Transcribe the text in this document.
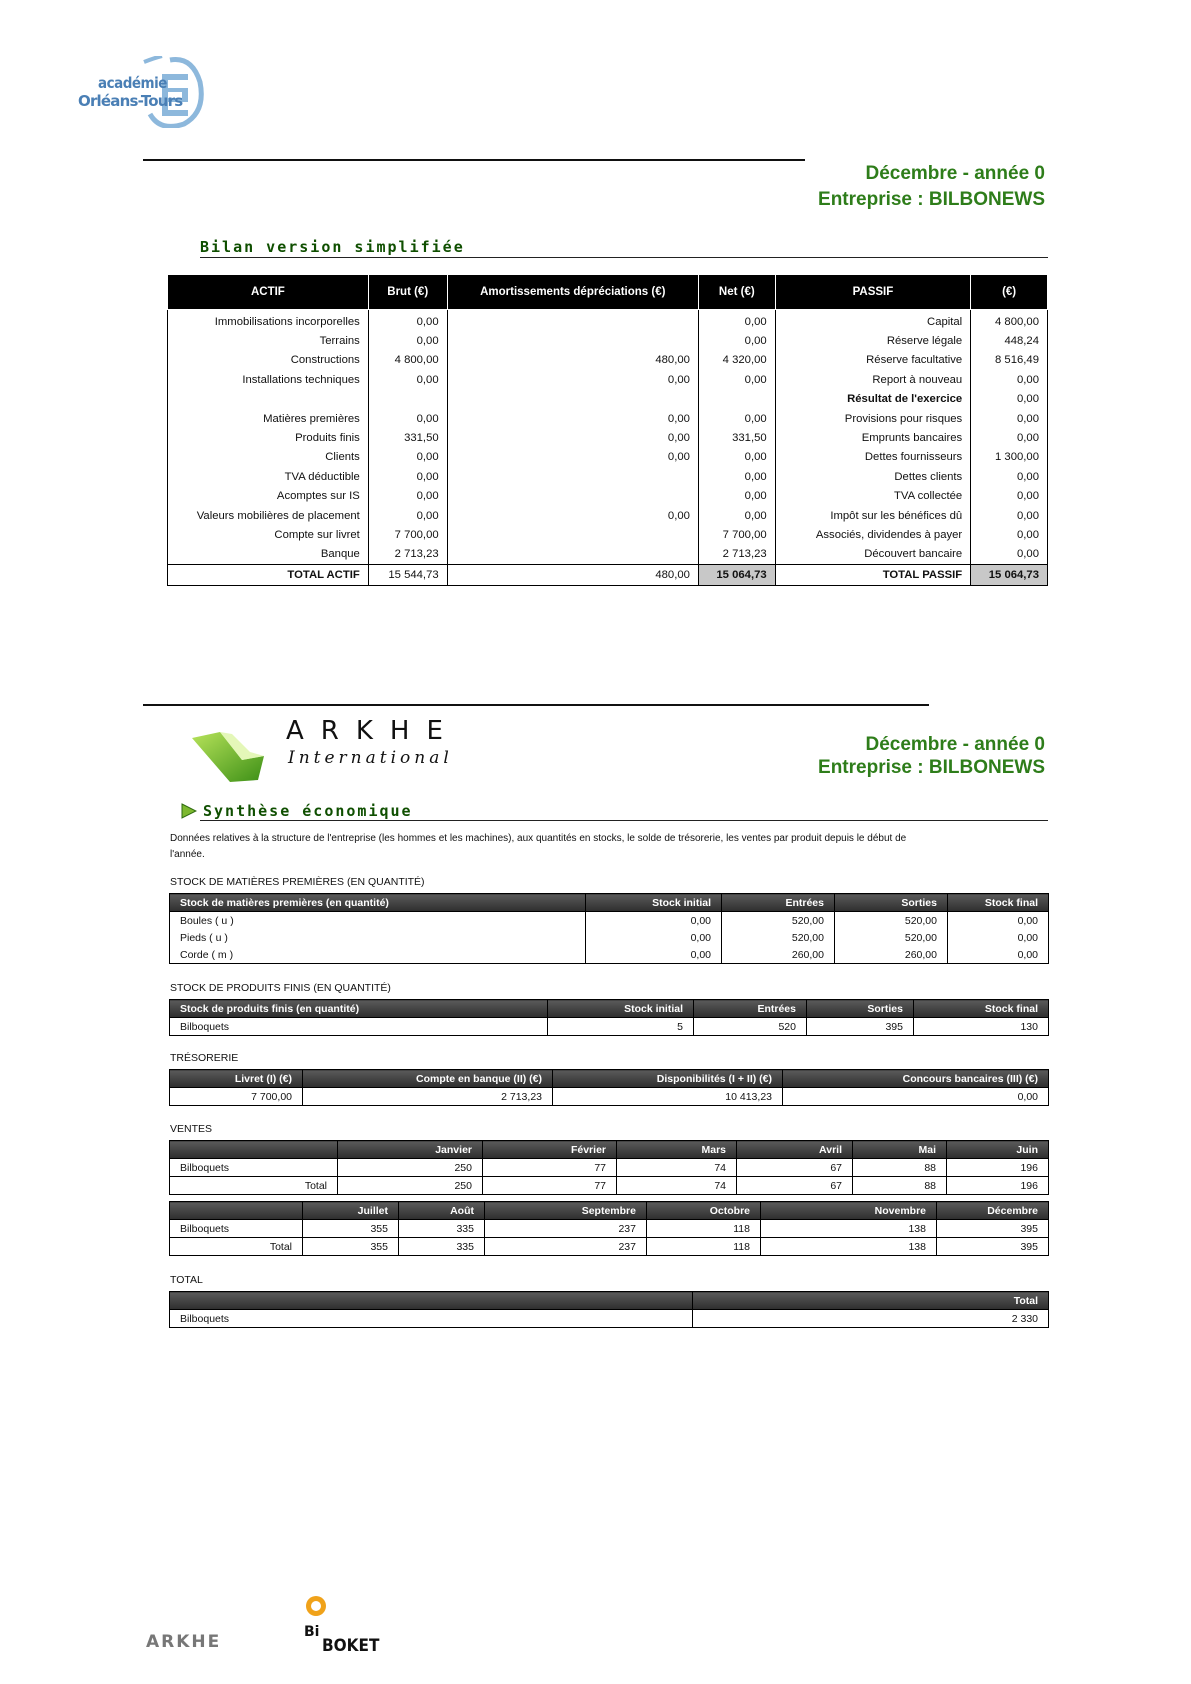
académie
Orléans-Tours
Décembre - année 0
Entreprise : BILBONEWS
Bilan version simplifiée
ACTIF	Brut (€)	Amortissements dépréciations (€)	Net (€)	PASSIF	(€)
Immobilisations incorporelles	0,00		0,00	Capital	4 800,00
Terrains	0,00		0,00	Réserve légale	448,24
Constructions	4 800,00	480,00	4 320,00	Réserve facultative	8 516,49
Installations techniques	0,00	0,00	0,00	Report à nouveau	0,00
				Résultat de l'exercice	0,00
Matières premières	0,00	0,00	0,00	Provisions pour risques	0,00
Produits finis	331,50	0,00	331,50	Emprunts bancaires	0,00
Clients	0,00	0,00	0,00	Dettes fournisseurs	1 300,00
TVA déductible	0,00		0,00	Dettes clients	0,00
Acomptes sur IS	0,00		0,00	TVA collectée	0,00
Valeurs mobilières de placement	0,00	0,00	0,00	Impôt sur les bénéfices dû	0,00
Compte sur livret	7 700,00		7 700,00	Associés, dividendes à payer	0,00
Banque	2 713,23		2 713,23	Découvert bancaire	0,00
TOTAL ACTIF	15 544,73	480,00	15 064,73	TOTAL PASSIF	15 064,73
ARKHE
International
Décembre - année 0
Entreprise : BILBONEWS
Synthèse économique
Données relatives à la structure de l'entreprise (les hommes et les machines), aux quantités en stocks, le solde de trésorerie, les ventes par produit depuis le début de
l'année.
STOCK DE MATIÈRES PREMIÈRES (EN QUANTITÉ)
Stock de matières premières (en quantité)	Stock initial	Entrées	Sorties	Stock final
Boules ( u )	0,00	520,00	520,00	0,00
Pieds ( u )	0,00	520,00	520,00	0,00
Corde ( m )	0,00	260,00	260,00	0,00
STOCK DE PRODUITS FINIS (EN QUANTITÉ)
Stock de produits finis (en quantité)	Stock initial	Entrées	Sorties	Stock final
Bilboquets	5	520	395	130
TRÉSORERIE
Livret (I) (€)	Compte en banque (II) (€)	Disponibilités (I + II) (€)	Concours bancaires (III) (€)
7 700,00	2 713,23	10 413,23	0,00
VENTES
	Janvier	Février	Mars	Avril	Mai	Juin
Bilboquets	250	77	74	67	88	196
Total	250	77	74	67	88	196
	Juillet	Août	Septembre	Octobre	Novembre	Décembre
Bilboquets	355	335	237	118	138	395
Total	355	335	237	118	138	395
TOTAL
	Total
Bilboquets	2 330
ARKHE	Bi
BOKET
